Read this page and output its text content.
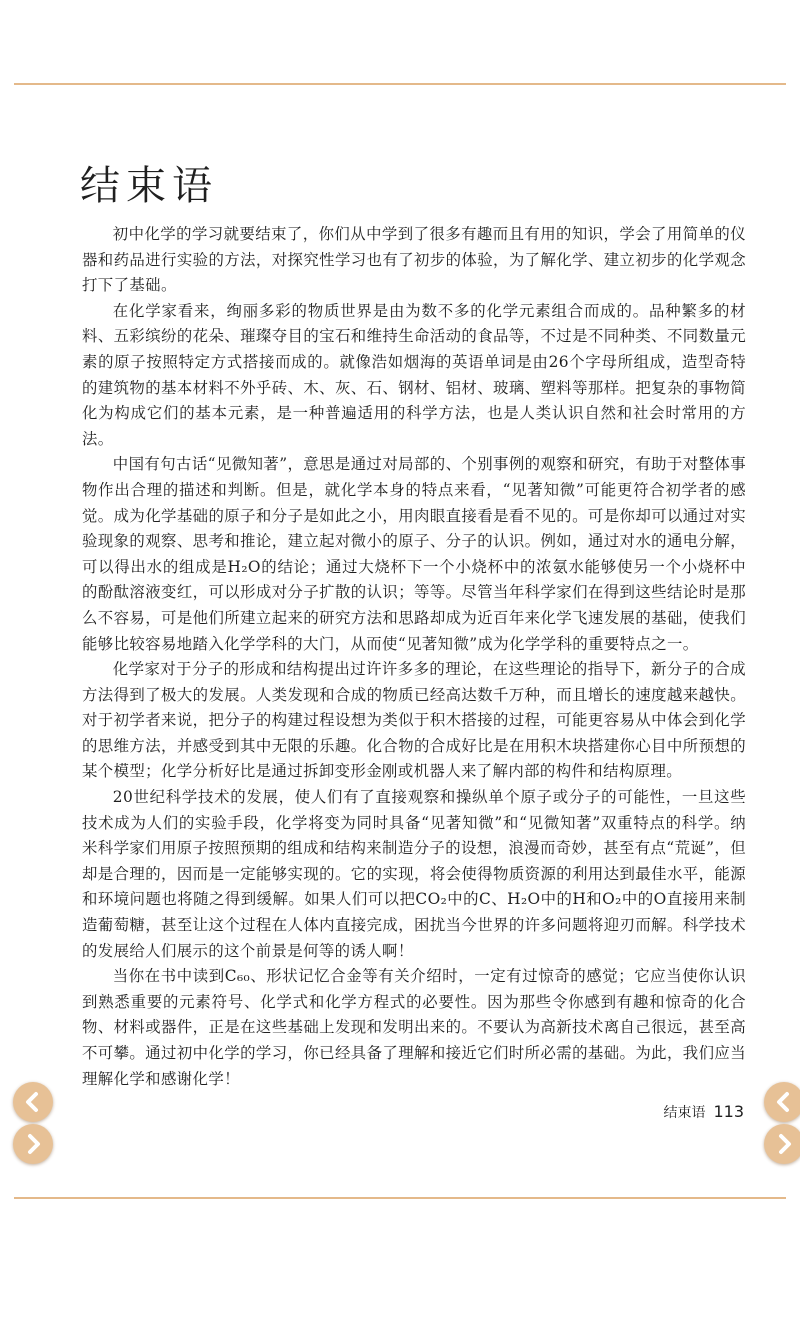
结束语

初中化学的学习就要结束了，你们从中学到了很多有趣而且有用的知识，学会了用简单的仪器和药品进行实验的方法，对探究性学习也有了初步的体验，为了解化学、建立初步的化学观念打下了基础。

在化学家看来，绚丽多彩的物质世界是由为数不多的化学元素组合而成的。品种繁多的材料、五彩缤纷的花朵、璀璨夺目的宝石和维持生命活动的食品等，不过是不同种类、不同数量元素的原子按照特定方式搭接而成的。就像浩如烟海的英语单词是由26个字母所组成，造型奇特的建筑物的基本材料不外乎砖、木、灰、石、钢材、铝材、玻璃、塑料等那样。把复杂的事物简化为构成它们的基本元素，是一种普遍适用的科学方法，也是人类认识自然和社会时常用的方法。

中国有句古话“见微知著”，意思是通过对局部的、个别事例的观察和研究，有助于对整体事物作出合理的描述和判断。但是，就化学本身的特点来看，“见著知微”可能更符合初学者的感觉。成为化学基础的原子和分子是如此之小，用肉眼直接看是看不见的。可是你却可以通过对实验现象的观察、思考和推论，建立起对微小的原子、分子的认识。例如，通过对水的通电分解，可以得出水的组成是H₂O的结论；通过大烧杯下一个小烧杯中的浓氨水能够使另一个小烧杯中的酚酞溶液变红，可以形成对分子扩散的认识；等等。尽管当年科学家们在得到这些结论时是那么不容易，可是他们所建立起来的研究方法和思路却成为近百年来化学飞速发展的基础，使我们能够比较容易地踏入化学学科的大门，从而使“见著知微”成为化学学科的重要特点之一。

化学家对于分子的形成和结构提出过许许多多的理论，在这些理论的指导下，新分子的合成方法得到了极大的发展。人类发现和合成的物质已经高达数千万种，而且增长的速度越来越快。对于初学者来说，把分子的构建过程设想为类似于积木搭接的过程，可能更容易从中体会到化学的思维方法，并感受到其中无限的乐趣。化合物的合成好比是在用积木块搭建你心目中所预想的某个模型；化学分析好比是通过拆卸变形金刚或机器人来了解内部的构件和结构原理。

20世纪科学技术的发展，使人们有了直接观察和操纵单个原子或分子的可能性，一旦这些技术成为人们的实验手段，化学将变为同时具备“见著知微”和“见微知著”双重特点的科学。纳米科学家们用原子按照预期的组成和结构来制造分子的设想，浪漫而奇妙，甚至有点“荒诞”，但却是合理的，因而是一定能够实现的。它的实现，将会使得物质资源的利用达到最佳水平，能源和环境问题也将随之得到缓解。如果人们可以把CO₂中的C、H₂O中的H和O₂中的O直接用来制造葡萄糖，甚至让这个过程在人体内直接完成，困扰当今世界的许多问题将迎刃而解。科学技术的发展给人们展示的这个前景是何等的诱人啊！

当你在书中读到C₆₀、形状记忆合金等有关介绍时，一定有过惊奇的感觉；它应当使你认识到熟悉重要的元素符号、化学式和化学方程式的必要性。因为那些令你感到有趣和惊奇的化合物、材料或器件，正是在这些基础上发现和发明出来的。不要认为高新技术离自己很远，甚至高不可攀。通过初中化学的学习，你已经具备了理解和接近它们时所必需的基础。为此，我们应当理解化学和感谢化学！

结束语 113
